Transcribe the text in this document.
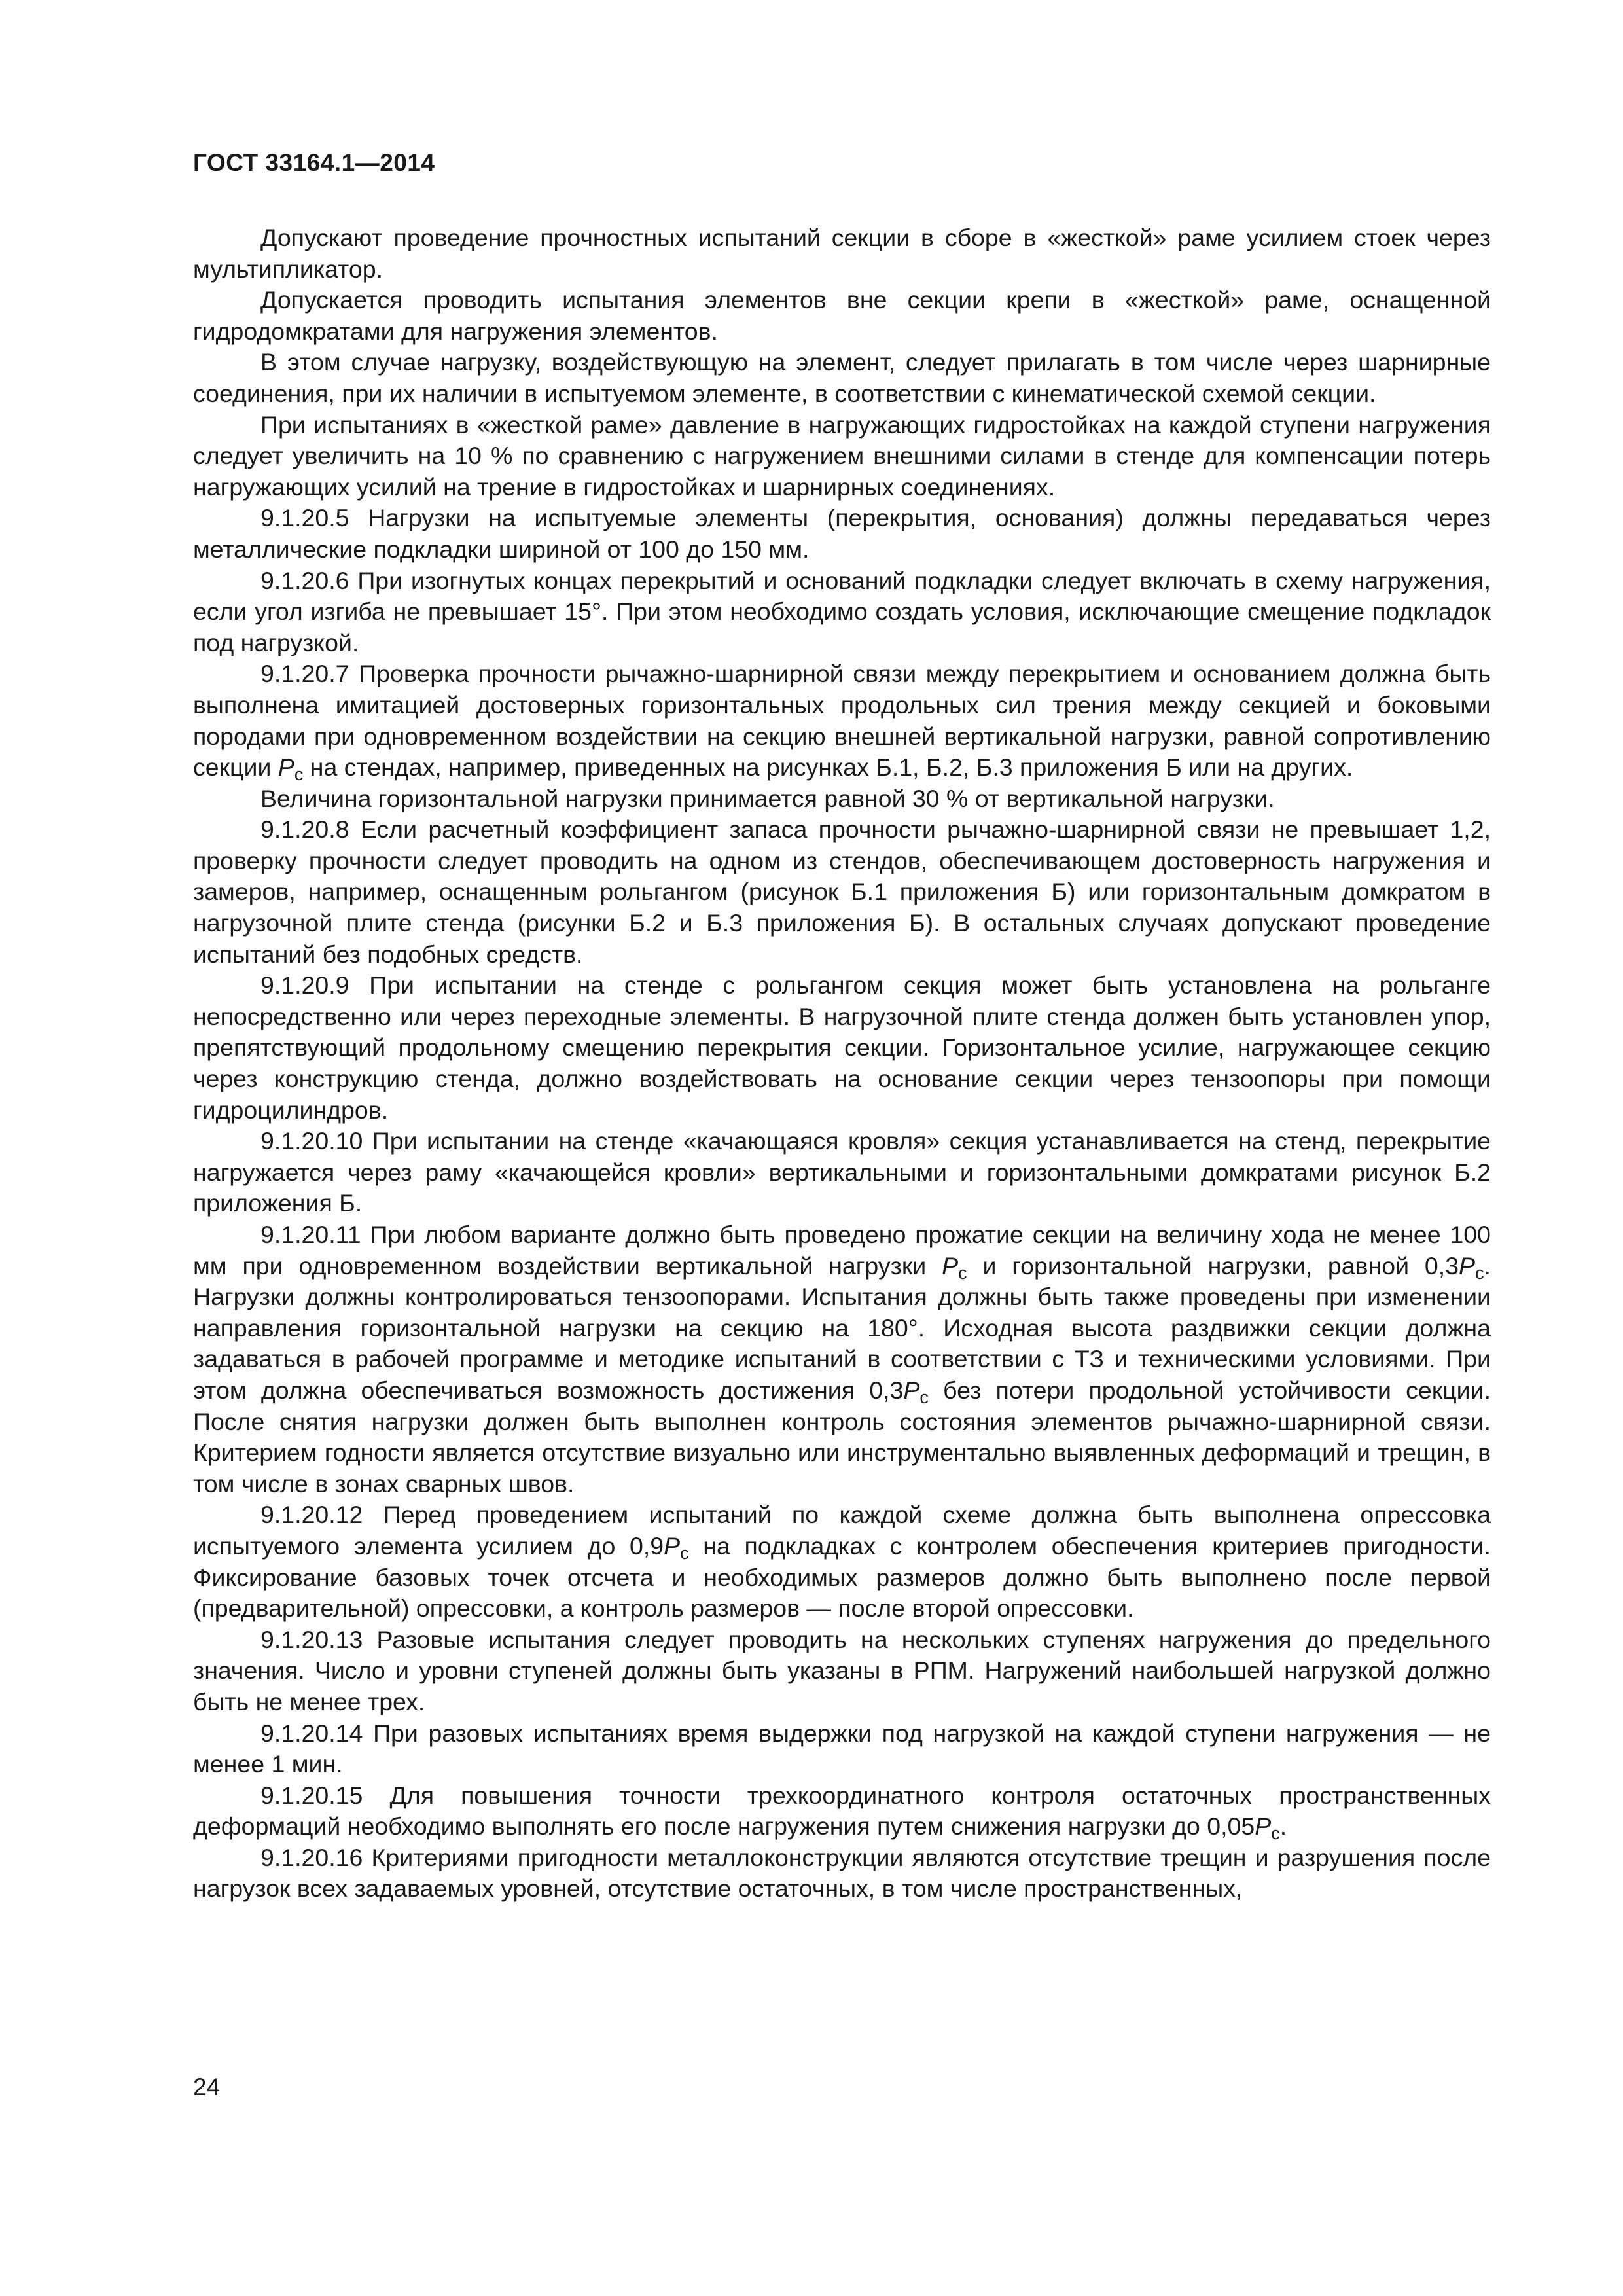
ГОСТ 33164.1—2014

Допускают проведение прочностных испытаний секции в сборе в «жесткой» раме усилием стоек через мультипликатор.

Допускается проводить испытания элементов вне секции крепи в «жесткой» раме, оснащенной гидродомкратами для нагружения элементов.

В этом случае нагрузку, воздействующую на элемент, следует прилагать в том числе через шарнирные соединения, при их наличии в испытуемом элементе, в соответствии с кинематической схемой секции.

При испытаниях в «жесткой раме» давление в нагружающих гидростойках на каждой ступени нагружения следует увеличить на 10 % по сравнению с нагружением внешними силами в стенде для компенсации потерь нагружающих усилий на трение в гидростойках и шарнирных соединениях.

9.1.20.5 Нагрузки на испытуемые элементы (перекрытия, основания) должны передаваться через металлические подкладки шириной от 100 до 150 мм.

9.1.20.6 При изогнутых концах перекрытий и оснований подкладки следует включать в схему нагружения, если угол изгиба не превышает 15°. При этом необходимо создать условия, исключающие смещение подкладок под нагрузкой.

9.1.20.7 Проверка прочности рычажно-шарнирной связи между перекрытием и основанием должна быть выполнена имитацией достоверных горизонтальных продольных сил трения между секцией и боковыми породами при одновременном воздействии на секцию внешней вертикальной нагрузки, равной сопротивлению секции $P_с$ на стендах, например, приведенных на рисунках Б.1, Б.2, Б.3 приложения Б или на других.

Величина горизонтальной нагрузки принимается равной 30 % от вертикальной нагрузки.

9.1.20.8 Если расчетный коэффициент запаса прочности рычажно-шарнирной связи не превышает 1,2, проверку прочности следует проводить на одном из стендов, обеспечивающем достоверность нагружения и замеров, например, оснащенным рольгангом (рисунок Б.1 приложения Б) или горизонтальным домкратом в нагрузочной плите стенда (рисунки Б.2 и Б.3 приложения Б). В остальных случаях допускают проведение испытаний без подобных средств.

9.1.20.9 При испытании на стенде с рольгангом секция может быть установлена на рольганге непосредственно или через переходные элементы. В нагрузочной плите стенда должен быть установлен упор, препятствующий продольному смещению перекрытия секции. Горизонтальное усилие, нагружающее секцию через конструкцию стенда, должно воздействовать на основание секции через тензоопоры при помощи гидроцилиндров.

9.1.20.10 При испытании на стенде «качающаяся кровля» секция устанавливается на стенд, перекрытие нагружается через раму «качающейся кровли» вертикальными и горизонтальными домкратами рисунок Б.2 приложения Б.

9.1.20.11 При любом варианте должно быть проведено прожатие секции на величину хода не менее 100 мм при одновременном воздействии вертикальной нагрузки $P_с$ и горизонтальной нагрузки, равной $0,3P_с$. Нагрузки должны контролироваться тензоопорами. Испытания должны быть также проведены при изменении направления горизонтальной нагрузки на секцию на 180°. Исходная высота раздвижки секции должна задаваться в рабочей программе и методике испытаний в соответствии с ТЗ и техническими условиями. При этом должна обеспечиваться возможность достижения $0,3P_с$ без потери продольной устойчивости секции. После снятия нагрузки должен быть выполнен контроль состояния элементов рычажно-шарнирной связи. Критерием годности является отсутствие визуально или инструментально выявленных деформаций и трещин, в том числе в зонах сварных швов.

9.1.20.12 Перед проведением испытаний по каждой схеме должна быть выполнена опрессовка испытуемого элемента усилием до $0,9P_с$ на подкладках с контролем обеспечения критериев пригодности. Фиксирование базовых точек отсчета и необходимых размеров должно быть выполнено после первой (предварительной) опрессовки, а контроль размеров — после второй опрессовки.

9.1.20.13 Разовые испытания следует проводить на нескольких ступенях нагружения до предельного значения. Число и уровни ступеней должны быть указаны в РПМ. Нагружений наибольшей нагрузкой должно быть не менее трех.

9.1.20.14 При разовых испытаниях время выдержки под нагрузкой на каждой ступени нагружения — не менее 1 мин.

9.1.20.15 Для повышения точности трехкоординатного контроля остаточных пространственных деформаций необходимо выполнять его после нагружения путем снижения нагрузки до $0,05P_с$.

9.1.20.16 Критериями пригодности металлоконструкции являются отсутствие трещин и разрушения после нагрузок всех задаваемых уровней, отсутствие остаточных, в том числе пространственных,

24
